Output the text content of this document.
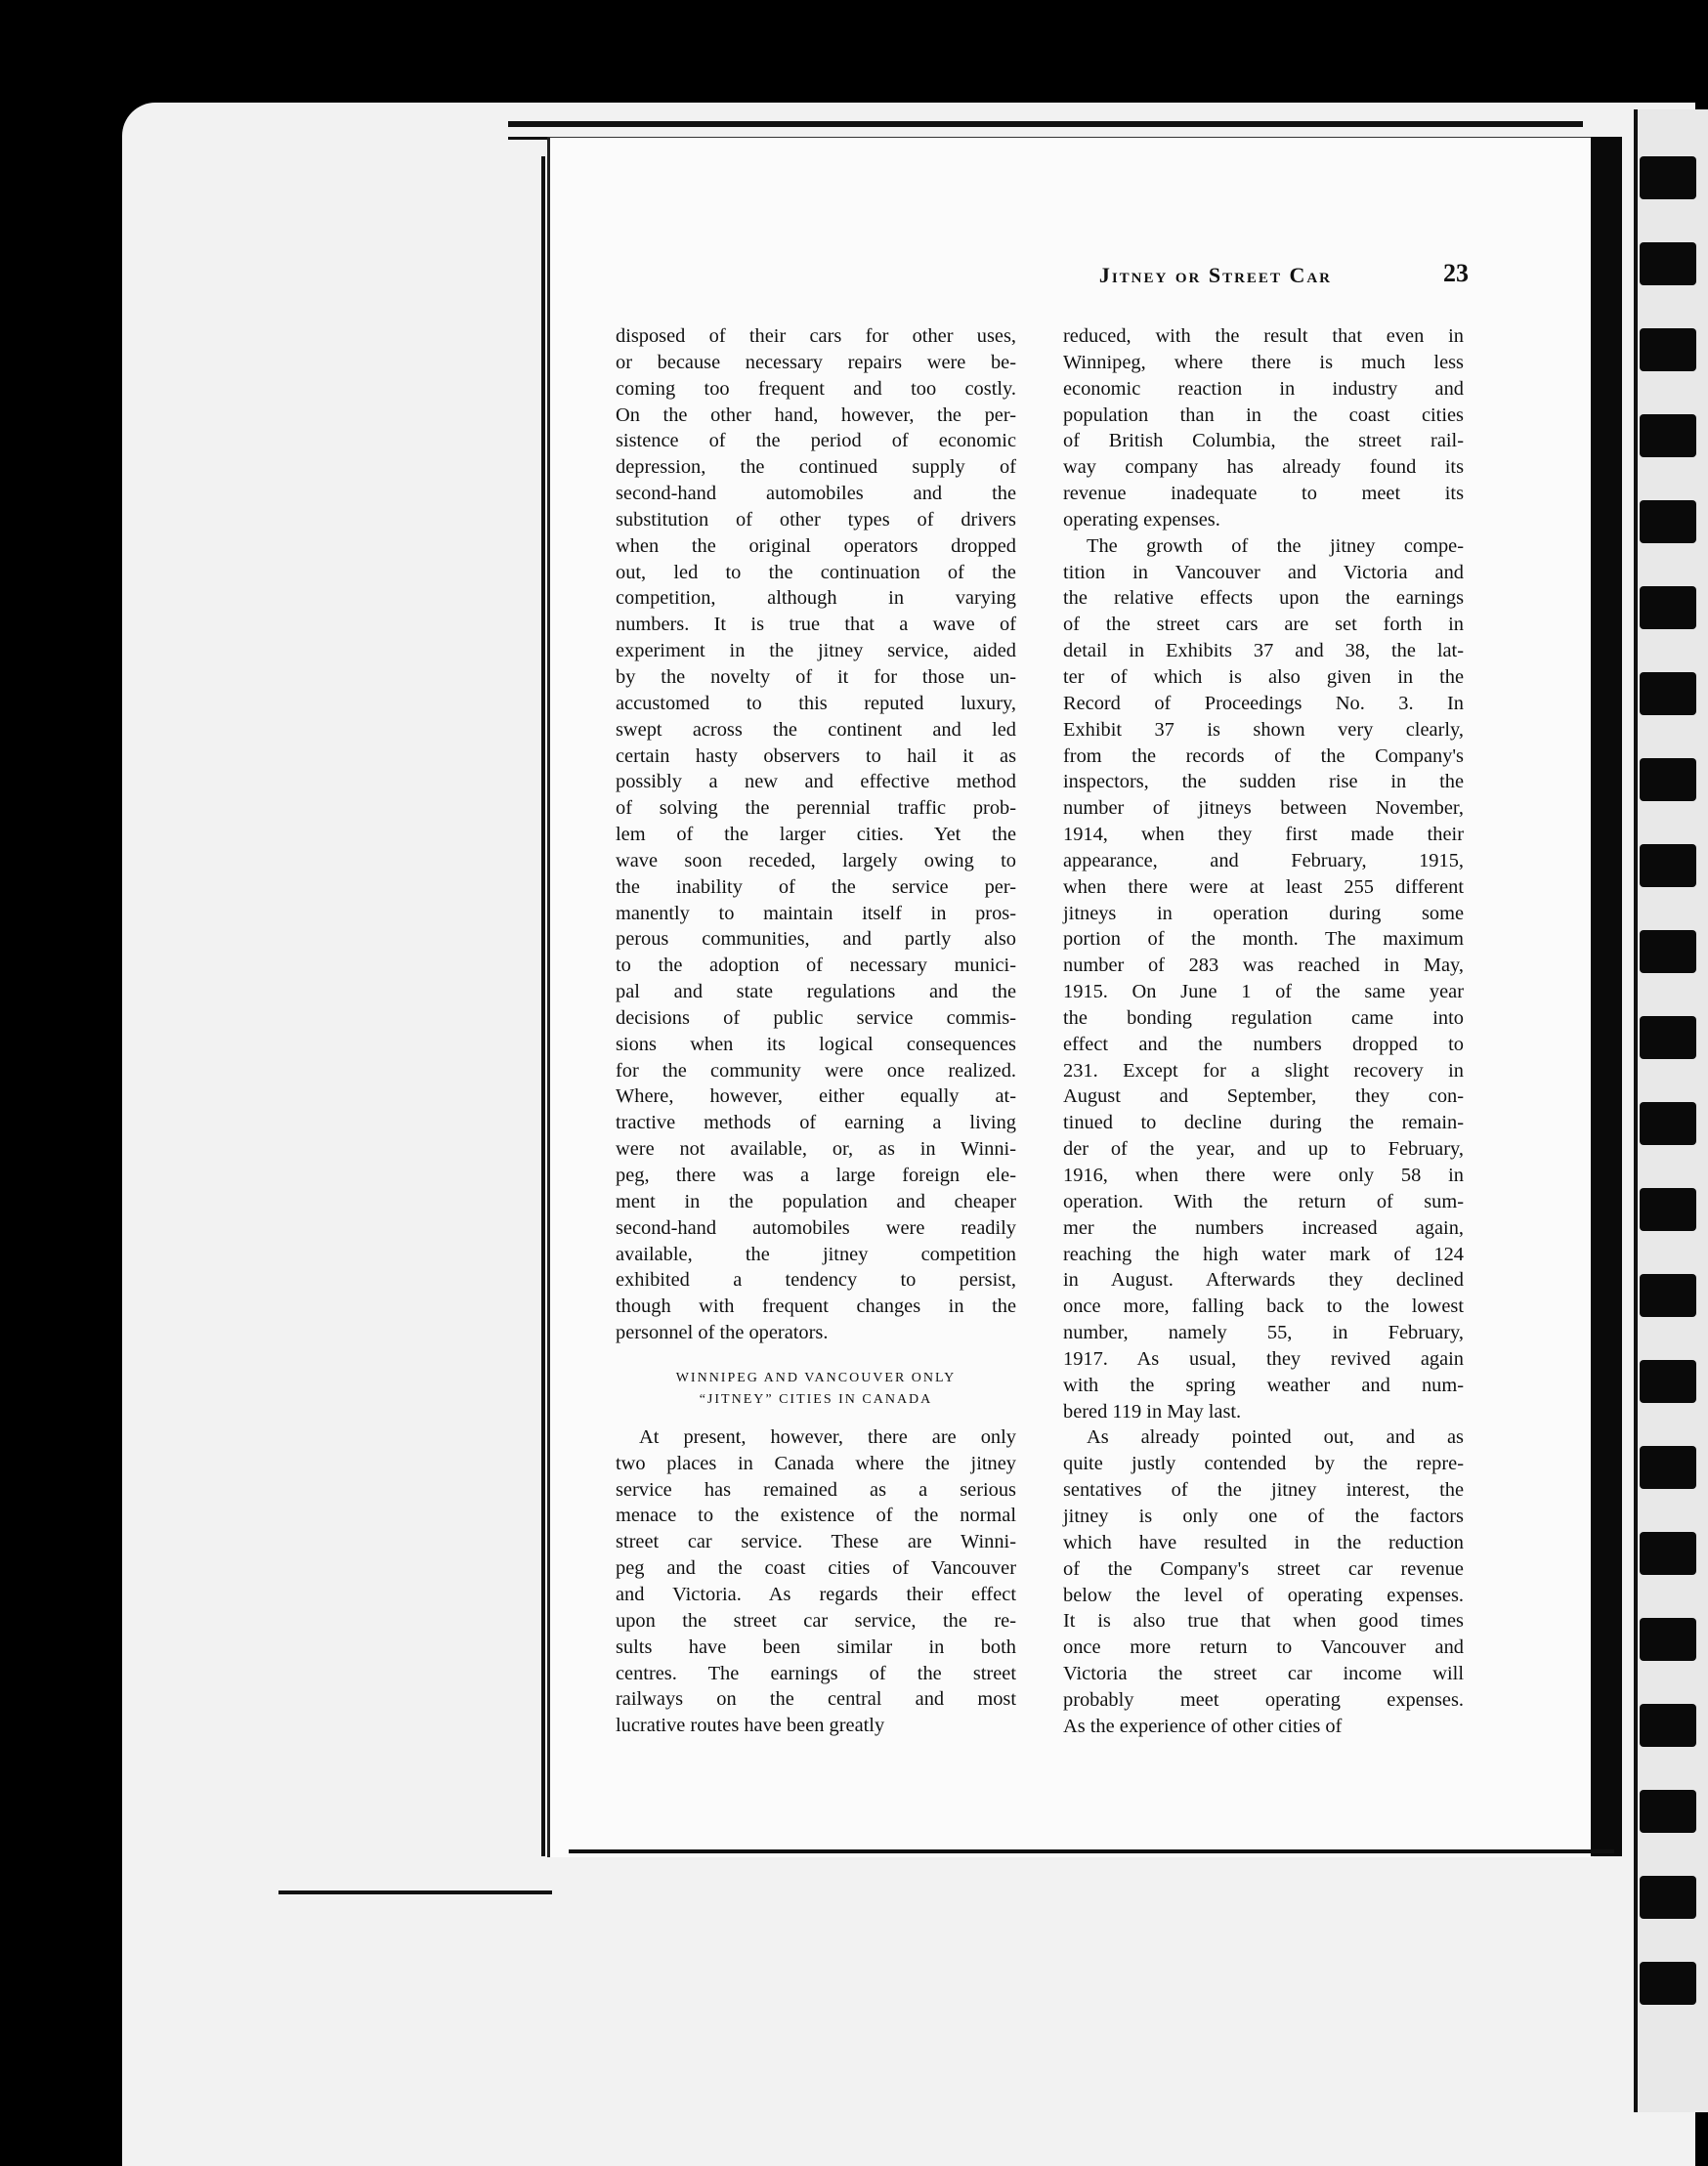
Jitney or Street Car	23

disposed of their cars for other uses,
or because necessary repairs were be-
coming too frequent and too costly.
On the other hand, however, the per-
sistence of the period of economic
depression, the continued supply of
second-hand automobiles and the
substitution of other types of drivers
when the original operators dropped
out, led to the continuation of the
competition, although in varying
numbers. It is true that a wave of
experiment in the jitney service, aided
by the novelty of it for those un-
accustomed to this reputed luxury,
swept across the continent and led
certain hasty observers to hail it as
possibly a new and effective method
of solving the perennial traffic prob-
lem of the larger cities. Yet the
wave soon receded, largely owing to
the inability of the service per-
manently to maintain itself in pros-
perous communities, and partly also
to the adoption of necessary munici-
pal and state regulations and the
decisions of public service commis-
sions when its logical consequences
for the community were once realized.
Where, however, either equally at-
tractive methods of earning a living
were not available, or, as in Winni-
peg, there was a large foreign ele-
ment in the population and cheaper
second-hand automobiles were readily
available, the jitney competition
exhibited a tendency to persist,
though with frequent changes in the
personnel of the operators.

WINNIPEG AND VANCOUVER ONLY
“JITNEY” CITIES IN CANADA

At present, however, there are only
two places in Canada where the jitney
service has remained as a serious
menace to the existence of the normal
street car service. These are Winni-
peg and the coast cities of Vancouver
and Victoria. As regards their effect
upon the street car service, the re-
sults have been similar in both
centres. The earnings of the street
railways on the central and most
lucrative routes have been greatly

reduced, with the result that even in
Winnipeg, where there is much less
economic reaction in industry and
population than in the coast cities
of British Columbia, the street rail-
way company has already found its
revenue inadequate to meet its
operating expenses.

The growth of the jitney compe-
tition in Vancouver and Victoria and
the relative effects upon the earnings
of the street cars are set forth in
detail in Exhibits 37 and 38, the lat-
ter of which is also given in the
Record of Proceedings No. 3. In
Exhibit 37 is shown very clearly,
from the records of the Company's
inspectors, the sudden rise in the
number of jitneys between November,
1914, when they first made their
appearance, and February, 1915,
when there were at least 255 different
jitneys in operation during some
portion of the month. The maximum
number of 283 was reached in May,
1915. On June 1 of the same year
the bonding regulation came into
effect and the numbers dropped to
231. Except for a slight recovery in
August and September, they con-
tinued to decline during the remain-
der of the year, and up to February,
1916, when there were only 58 in
operation. With the return of sum-
mer the numbers increased again,
reaching the high water mark of 124
in August. Afterwards they declined
once more, falling back to the lowest
number, namely 55, in February,
1917. As usual, they revived again
with the spring weather and num-
bered 119 in May last.

As already pointed out, and as
quite justly contended by the repre-
sentatives of the jitney interest, the
jitney is only one of the factors
which have resulted in the reduction
of the Company's street car revenue
below the level of operating expenses.
It is also true that when good times
once more return to Vancouver and
Victoria the street car income will
probably meet operating expenses.
As the experience of other cities of
